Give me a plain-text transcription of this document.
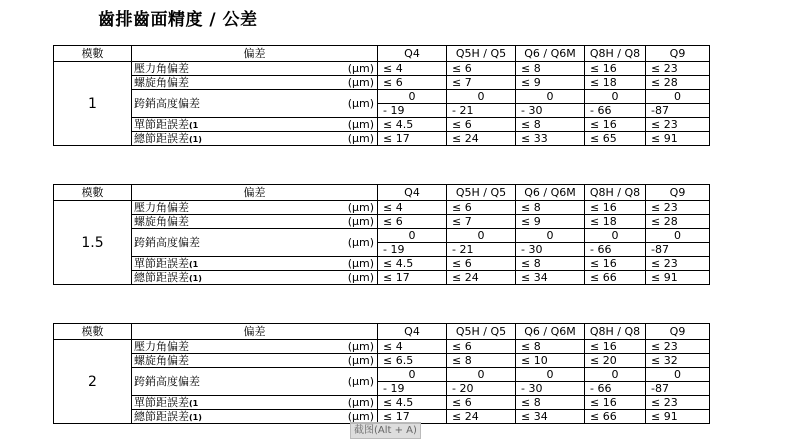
齒排齒面精度 / 公差
模數	偏差		Q4	Q5H / Q5	Q6 / Q6M	Q8H / Q8	Q9	
1	壓力角偏差	(μm)	≤ 4	≤ 6	≤ 8	≤ 16	≤ 23	
	螺旋角偏差	(μm)	≤ 6	≤ 7	≤ 9	≤ 18	≤ 28	
	跨銷高度偏差	(μm)	0	0	0	0	0	
			- 19	- 21	- 30	- 66	-87	
	單節距誤差(1	(μm)	≤ 4.5	≤ 6	≤ 8	≤ 16	≤ 23	
	總節距誤差(1)	(μm)	≤ 17	≤ 24	≤ 33	≤ 65	≤ 91	
模數	偏差		Q4	Q5H / Q5	Q6 / Q6M	Q8H / Q8	Q9	
1.5	壓力角偏差	(μm)	≤ 4	≤ 6	≤ 8	≤ 16	≤ 23	
	螺旋角偏差	(μm)	≤ 6	≤ 7	≤ 9	≤ 18	≤ 28	
	跨銷高度偏差	(μm)	0	0	0	0	0	
			- 19	- 21	- 30	- 66	-87	
	單節距誤差(1	(μm)	≤ 4.5	≤ 6	≤ 8	≤ 16	≤ 23	
	總節距誤差(1)	(μm)	≤ 17	≤ 24	≤ 34	≤ 66	≤ 91	
模數	偏差		Q4	Q5H / Q5	Q6 / Q6M	Q8H / Q8	Q9	
2	壓力角偏差	(μm)	≤ 4	≤ 6	≤ 8	≤ 16	≤ 23	
	螺旋角偏差	(μm)	≤ 6.5	≤ 8	≤ 10	≤ 20	≤ 32	
	跨銷高度偏差	(μm)	0	0	0	0	0	
			- 19	- 20	- 30	- 66	-87	
	單節距誤差(1	(μm)	≤ 4.5	≤ 6	≤ 8	≤ 16	≤ 23	
	總節距誤差(1)	(μm)	≤ 17	≤ 24	≤ 34	≤ 66	≤ 91	
截图(Alt + A)
